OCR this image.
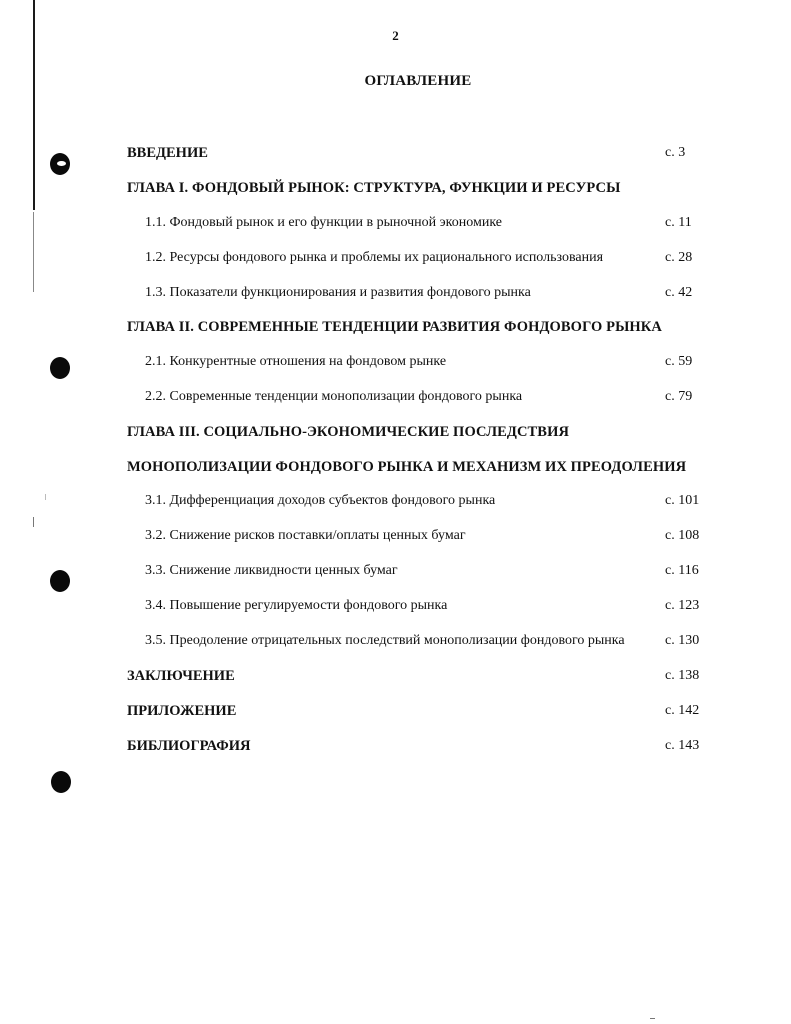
2
ОГЛАВЛЕНИЕ
ВВЕДЕНИЕ	с. 3
ГЛАВА I. ФОНДОВЫЙ РЫНОК: СТРУКТУРА, ФУНКЦИИ И РЕСУРСЫ
1.1. Фондовый рынок и его функции в рыночной экономике	с. 11
1.2. Ресурсы фондового рынка и проблемы их рационального использования	с. 28
1.3. Показатели функционирования и развития фондового рынка	с. 42
ГЛАВА II. СОВРЕМЕННЫЕ ТЕНДЕНЦИИ РАЗВИТИЯ ФОНДОВОГО РЫНКА
2.1. Конкурентные отношения на фондовом рынке	с. 59
2.2. Современные тенденции монополизации фондового рынка	с. 79
ГЛАВА III. СОЦИАЛЬНО-ЭКОНОМИЧЕСКИЕ ПОСЛЕДСТВИЯ
МОНОПОЛИЗАЦИИ ФОНДОВОГО РЫНКА И МЕХАНИЗМ ИХ ПРЕОДОЛЕНИЯ
3.1. Дифференциация доходов субъектов фондового рынка	с. 101
3.2. Снижение рисков поставки/оплаты ценных бумаг	с. 108
3.3. Снижение ликвидности ценных бумаг	с. 116
3.4. Повышение регулируемости фондового рынка	с. 123
3.5. Преодоление отрицательных последствий монополизации фондового рынка	с. 130
ЗАКЛЮЧЕНИЕ	с. 138
ПРИЛОЖЕНИЕ	с. 142
БИБЛИОГРАФИЯ	с. 143
